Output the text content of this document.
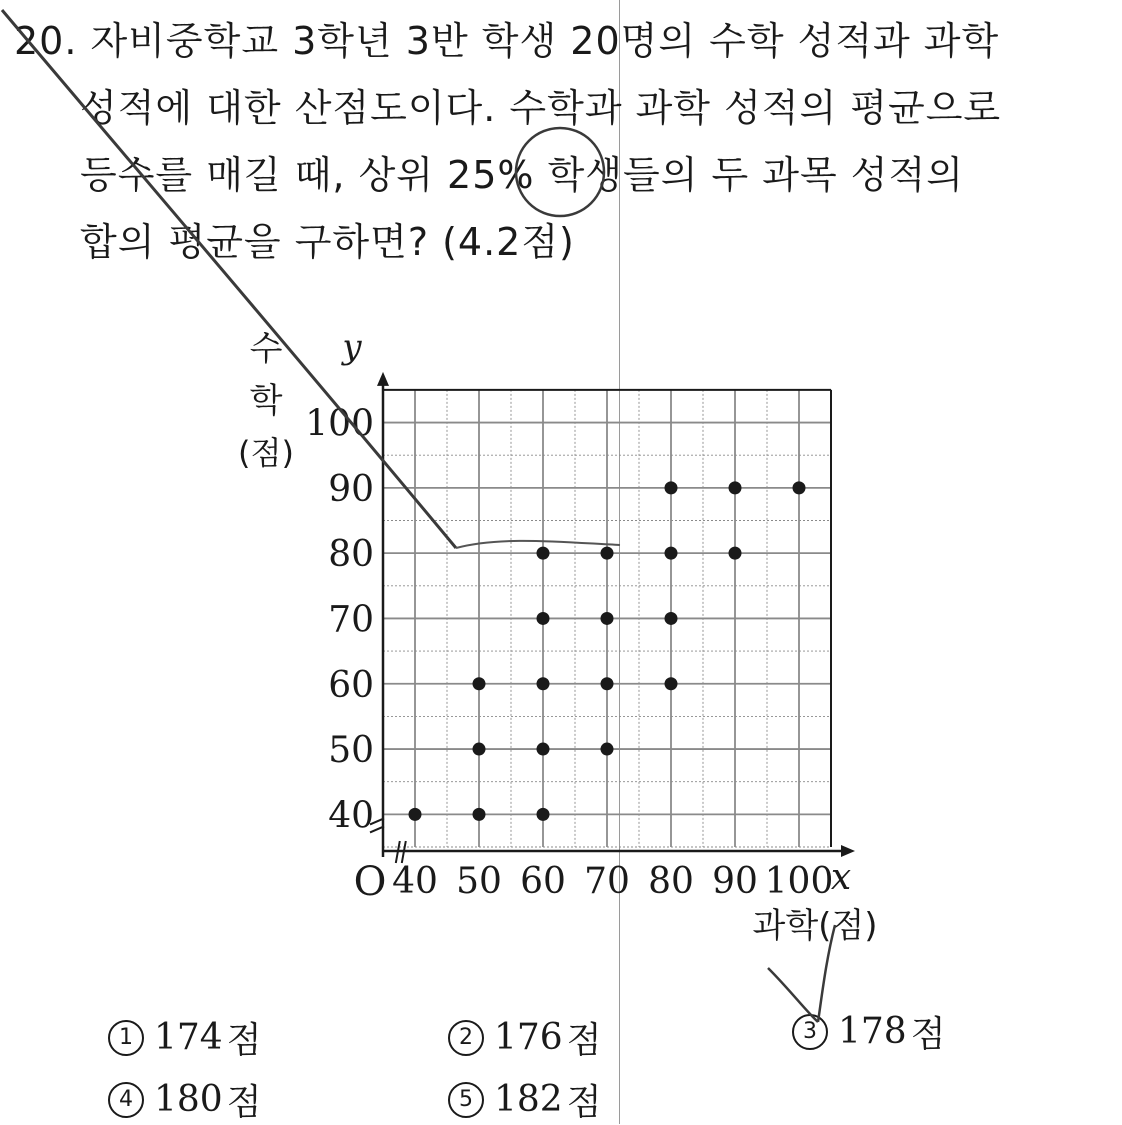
20. 자비중학교 3학년 3반 학생 20명의 수학 성적과 과학
성적에 대한 산점도이다. 수학과 과학 성적의 평균으로
등수를 매길 때, 상위 25% 학생들의 두 과목 성적의
합의 평균을 구하면? (4.2점)
40 50 60 70 80 90 100
40
50
60
70
80
90
100
O	x
y
수
학
(점)
과학(점)
1 174 점	2 176 점	3 178 점
4 180 점	5 182 점
